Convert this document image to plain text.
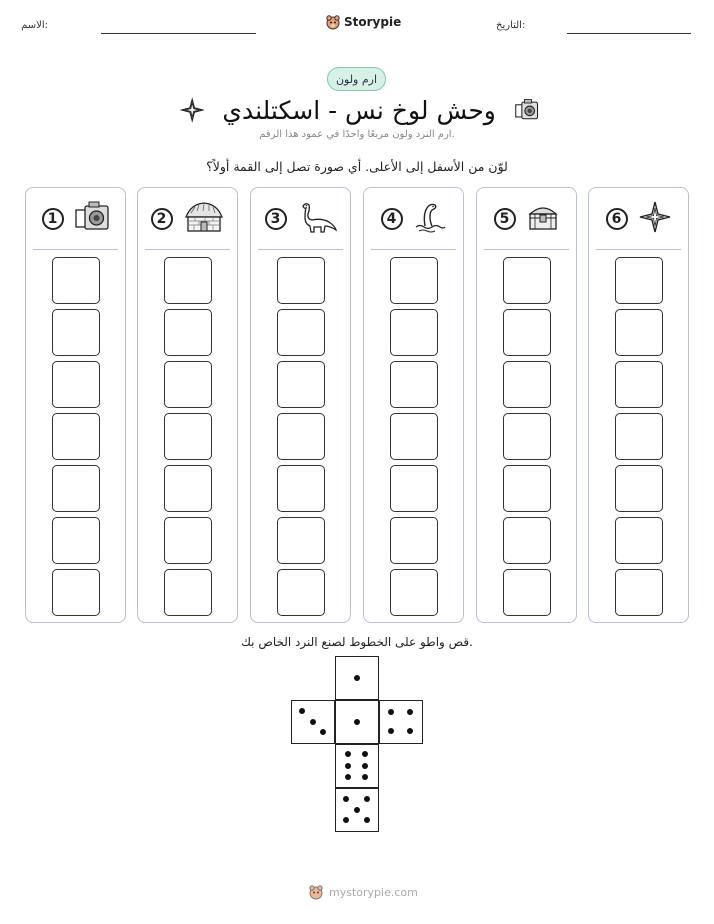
الاسم:	Storypie	التاريخ:
ارم ولون
وحش لوخ نس - اسكتلندي
ارم النرد ولون مربعًا واحدًا في عمود هذا الرقم.
لوّن من الأسفل إلى الأعلى. أي صورة تصل إلى القمة أولاً؟
6
5
4
3
2
1
قص واطو على الخطوط لصنع النرد الخاص بك.
mystorypie.com
